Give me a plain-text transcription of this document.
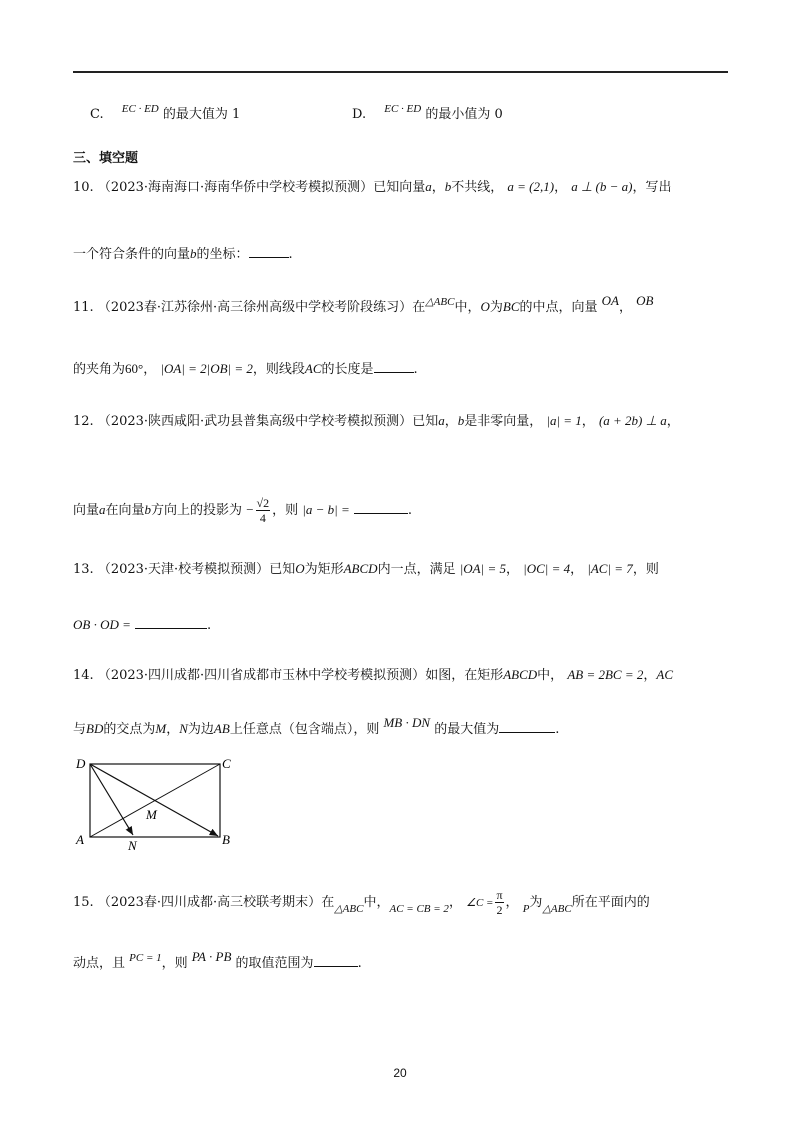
C. $^{EC \cdot ED}$ 的最大值为 1	D. $^{EC \cdot ED}$ 的最小值为 0
三、填空题
10. （2023·海南海口·海南华侨中学校考模拟预测）已知向量a，b不共线， a = (2,1)， a ⊥ (b − a)，写出
一个符合条件的向量b的坐标：	.
11. （2023春·江苏徐州·高三徐州高级中学校考阶段练习）在$^{\triangle ABC}$中，O为BC的中点，向量 OA， OB
的夹角为60°， |OA| = 2|OB| = 2，则线段AC的长度是	.
12. （2023·陕西咸阳·武功县普集高级中学校考模拟预测）已知a，b是非零向量， |a| = 1， (a + 2b) ⊥ a，
向量a在向量b方向上的投影为 − $\frac{√2}{4}$ ，则 |a − b| =	.
13. （2023·天津·校考模拟预测）已知O为矩形ABCD内一点，满足 |OA| = 5， |OC| = 4， |AC| = 7，则
OB · OD =	.
14. （2023·四川成都·四川省成都市玉林中学校考模拟预测）如图，在矩形ABCD中， AB = 2BC = 2，AC
与BD的交点为M，N为边AB上任意点（包含端点），则 MB · DN 的最大值为	.
D	C
A	B
M
N
15. （2023春·四川成都·高三校联考期末）在$_{\triangle ABC}$中，$_{AC = CB = 2}$， ∠C = $\frac{\pi}{2}$ ， $_P$为$_{\triangle ABC}$所在平面内的
动点，且 $^{PC = 1}$，则 PA · PB 的取值范围为	.
20
